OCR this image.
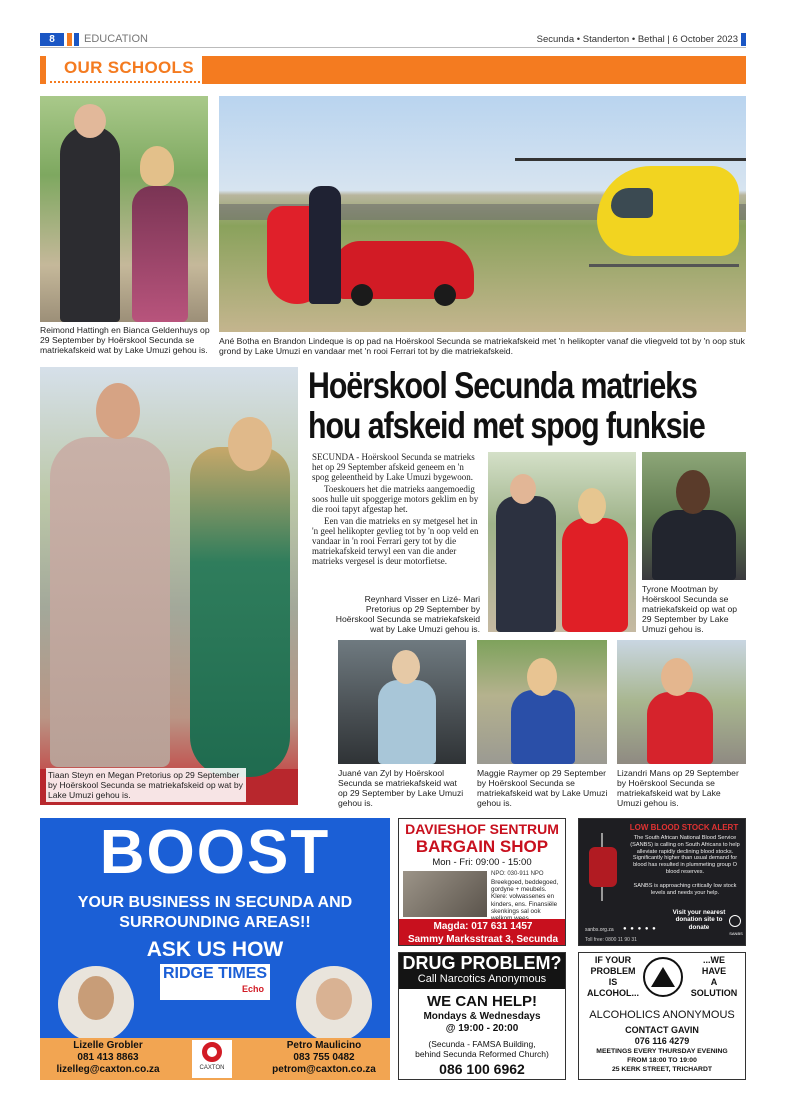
8	EDUCATION	Secunda • Standerton • Bethal | 6 October 2023
OUR SCHOOLS
Reimond Hattingh en Bianca Geldenhuys op 29 September by Hoërskool Secunda se matriekafskeid wat by Lake Umuzi gehou is.
Ané Botha en Brandon Lindeque is op pad na Hoërskool Secunda se matriekafskeid met 'n helikopter vanaf die vliegveld tot by 'n oop stuk grond by Lake Umuzi en vandaar met 'n rooi Ferrari tot by die matriekafskeid.
Tiaan Steyn en Megan Pretorius op 29 September by Hoërskool Secunda se matriekafskeid op wat by Lake Umuzi gehou is.
Hoërskool Secunda matrieks
hou afskeid met spog funksie

SECUNDA - Hoërskool Secunda se matrieks het op 29 September afskeid geneem en 'n spog geleentheid by Lake Umuzi bygewoon.

Toeskouers het die matrieks aangemoedig soos hulle uit spoggerige motors geklim en by die rooi tapyt afgestap het.

Een van die matrieks en sy metgesel het in 'n geel helikopter gevlieg tot by 'n oop veld en vandaar in 'n rooi Ferrari gery tot by die matriekafskeid terwyl een van die ander matrieks vergesel is deur motorfietse.

Reynhard Visser en Lizé- Mari Pretorius op 29 September by Hoërskool Secunda se matriekafskeid wat by Lake Umuzi gehou is.
Tyrone Mootman by Hoërskool Secunda se matriekafskeid op wat op 29 September by Lake Umuzi gehou is.
Juané van Zyl by Hoërskool Secunda se matriekafskeid wat op 29 September by Lake Umuzi gehou is.
Maggie Raymer op 29 September by Hoërskool Secunda se matriekafskeid wat by Lake Umuzi gehou is.
Lizandri Mans op 29 September by Hoërskool Secunda se matriekafskeid wat by Lake Umuzi gehou is.
BOOST
YOUR BUSINESS IN SECUNDA AND
SURROUNDING AREAS!!
ASK US HOW
RIDGE TIMES
Echo
Lizelle Grobler
081 413 8863
lizelleg@caxton.co.za	CAXTON
Petro Maulicino
083 755 0482
petrom@caxton.co.za
DAVIESHOF SENTRUM
BARGAIN SHOP
Mon - Fri: 09:00 - 15:00
NPO: 030-911 NPO
Breekgoed, beddegoed, gordyne + meubels. Klere: volwassenes en kinders, ens. Finansiële skenkings sal ook
Magda: 017 631 1457
Sammy Marksstraat 3, Secunda
LOW BLOOD STOCK ALERT
The South African National Blood Service (SANBS) is calling on South Africans to help alleviate rapidly declining blood stocks. Significantly higher than usual demand for blood has resulted in plummeting group O blood reserves.
SANBS is approaching critically low stock levels and needs your help.
Visit your nearest donation site to donate
sanbs.org.za	● ● ● ● ●
Toll free: 0800 11 90 31
SANBS
DRUG PROBLEM?
Call Narcotics Anonymous
WE CAN HELP!
Mondays & Wednesdays
@ 19:00 - 20:00
(Secunda - FAMSA Building,
behind Secunda Reformed Church)
086 100 6962
IF YOUR
PROBLEM
IS
ALCOHOL...
...WE
HAVE
A
SOLUTION
ALCOHOLICS ANONYMOUS
CONTACT GAVIN
076 116 4279
MEETINGS EVERY THURSDAY EVENING
FROM 18:00 TO 19:00
25 KERK STREET, TRICHARDT
